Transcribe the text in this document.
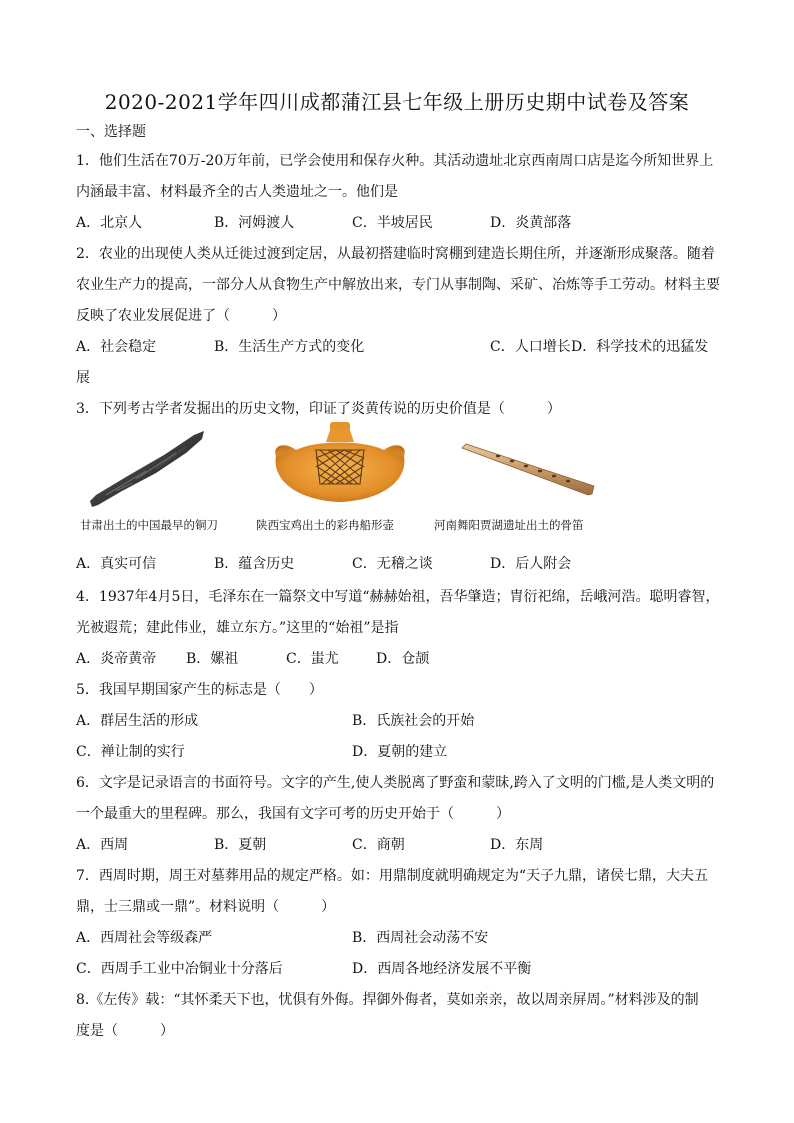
2020-2021学年四川成都蒲江县七年级上册历史期中试卷及答案
一、选择题
1．他们生活在70万-20万年前，已学会使用和保存火种。其活动遗址北京西南周口店是迄今所知世界上
内涵最丰富、材料最齐全的古人类遗址之一。他们是
A．北京人	B．河姆渡人	C．半坡居民	D．炎黄部落
2．农业的出现使人类从迁徙过渡到定居，从最初搭建临时窝棚到建造长期住所，并逐渐形成聚落。随着
农业生产力的提高，一部分人从食物生产中解放出来，专门从事制陶、采矿、冶炼等手工劳动。材料主要
反映了农业发展促进了（　　　）
A．社会稳定	B．生活生产方式的变化	C．人口增长 D．科学技术的迅猛发
展
3．下列考古学者发掘出的历史文物，印证了炎黄传说的历史价值是（　　　）
甘肃出土的中国最早的铜刀	陕西宝鸡出土的彩冉船形壶	河南舞阳贾湖遗址出土的骨笛
A．真实可信	B．蕴含历史	C．无稽之谈	D．后人附会
4．1937年4月5日，毛泽东在一篇祭文中写道“赫赫始祖，吾华肇造；胄衍祀绵，岳峨河浩。聪明睿智，
光被遐荒；建此伟业，雄立东方。”这里的“始祖”是指
A．炎帝黄帝 B．嫘祖	C．蚩尤	D．仓颉
5．我国早期国家产生的标志是（　　）
A．群居生活的形成	B．氏族社会的开始
C．禅让制的实行	D．夏朝的建立
6．文字是记录语言的书面符号。文字的产生,使人类脱离了野蛮和蒙昧,跨入了文明的门槛,是人类文明的
一个最重大的里程碑。那么，我国有文字可考的历史开始于（　　　）
A．西周	B．夏朝	C．商朝	D．东周
7．西周时期，周王对墓葬用品的规定严格。如：用鼎制度就明确规定为“天子九鼎，诸侯七鼎，大夫五
鼎，士三鼎或一鼎”。材料说明（　　　）
A．西周社会等级森严	B．西周社会动荡不安
C．西周手工业中冶铜业十分落后	D．西周各地经济发展不平衡
8.《左传》载：“其怀柔天下也，忧俱有外侮。捍御外侮者，莫如亲亲，故以周亲屏周。”材料涉及的制
度是（　　　）
